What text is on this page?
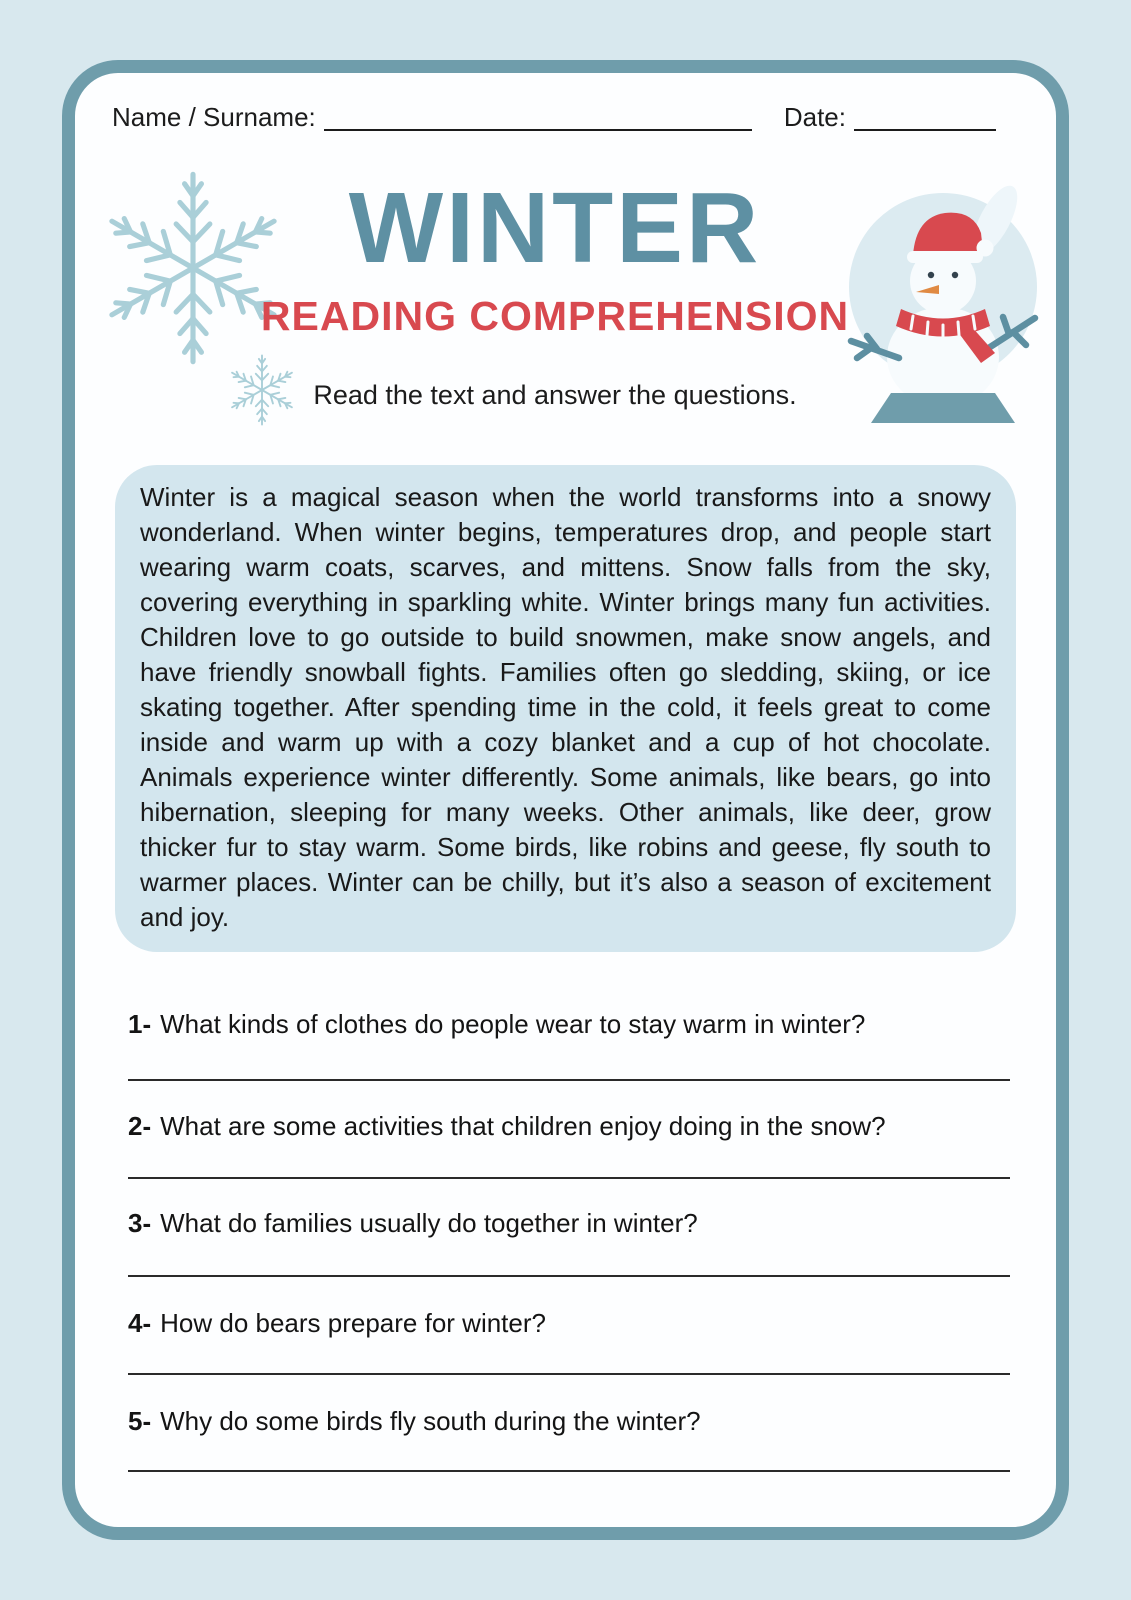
Name / Surname:	Date:
WINTER
READING COMPREHENSION
Read the text and answer the questions.

Winter is a magical season when the world transforms into a snowy wonderland. When winter begins, temperatures drop, and people start wearing warm coats, scarves, and mittens. Snow falls from the sky, covering everything in sparkling white. Winter brings many fun activities. Children love to go outside to build snowmen, make snow angels, and have friendly snowball fights. Families often go sledding, skiing, or ice skating together. After spending time in the cold, it feels great to come inside and warm up with a cozy blanket and a cup of hot chocolate. Animals experience winter differently. Some animals, like bears, go into hibernation, sleeping for many weeks. Other animals, like deer, grow thicker fur to stay warm. Some birds, like robins and geese, fly south to warmer places. Winter can be chilly, but it’s also a season of excitement and joy.

1- What kinds of clothes do people wear to stay warm in winter?
2- What are some activities that children enjoy doing in the snow?
3- What do families usually do together in winter?
4- How do bears prepare for winter?
5- Why do some birds fly south during the winter?
